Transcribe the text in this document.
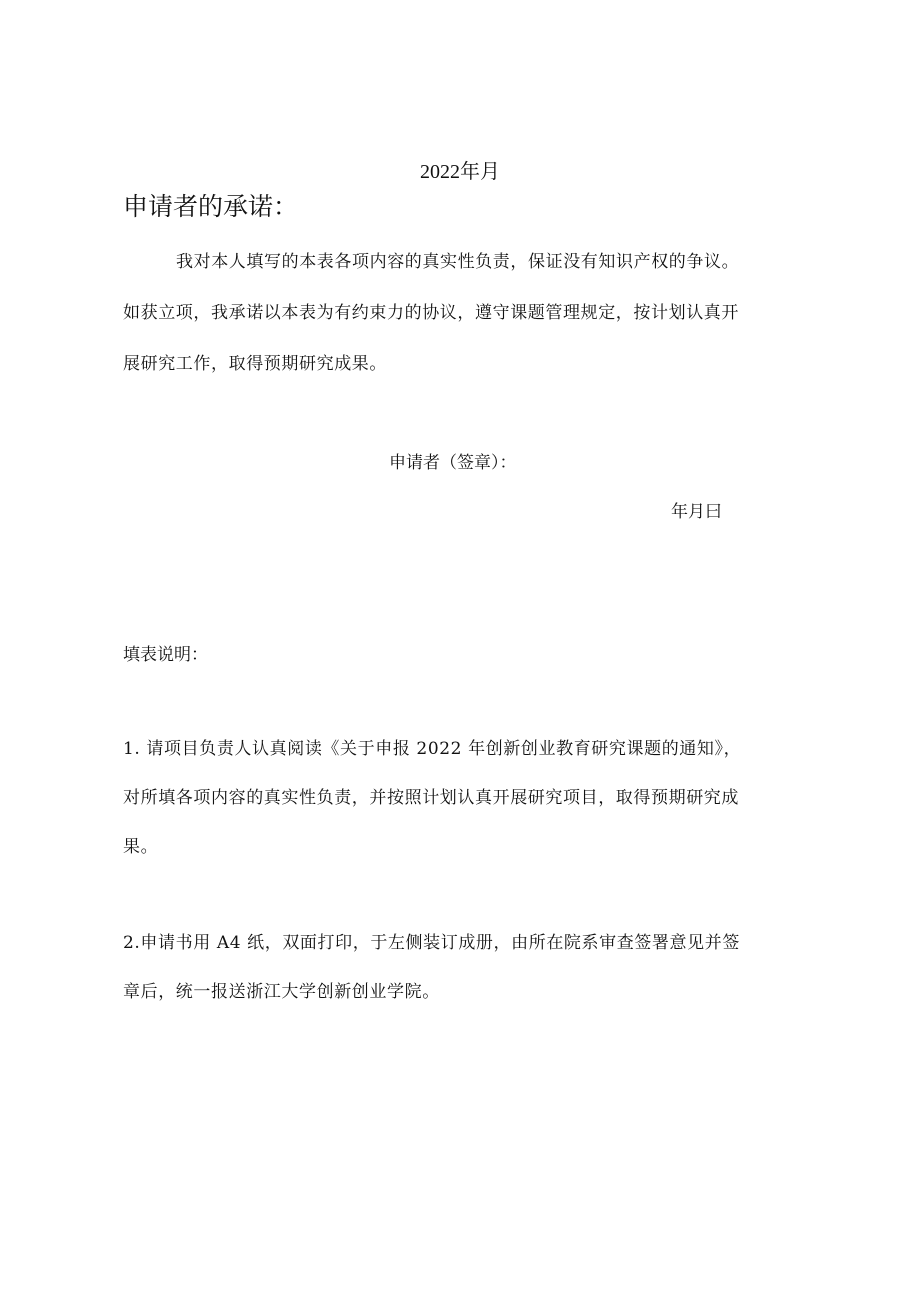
2022年月
申请者的承诺：
我对本人填写的本表各项内容的真实性负责，保证没有知识产权的争议。
如获立项，我承诺以本表为有约束力的协议，遵守课题管理规定，按计划认真开
展研究工作，取得预期研究成果。
申请者（签章）：
年月曰
填表说明：
1. 请项目负责人认真阅读《关于申报 2022 年创新创业教育研究课题的通知》，
对所填各项内容的真实性负责，并按照计划认真开展研究项目，取得预期研究成
果。
2.申请书用 A4 纸，双面打印，于左侧装订成册，由所在院系审查签署意见并签
章后，统一报送浙江大学创新创业学院。
